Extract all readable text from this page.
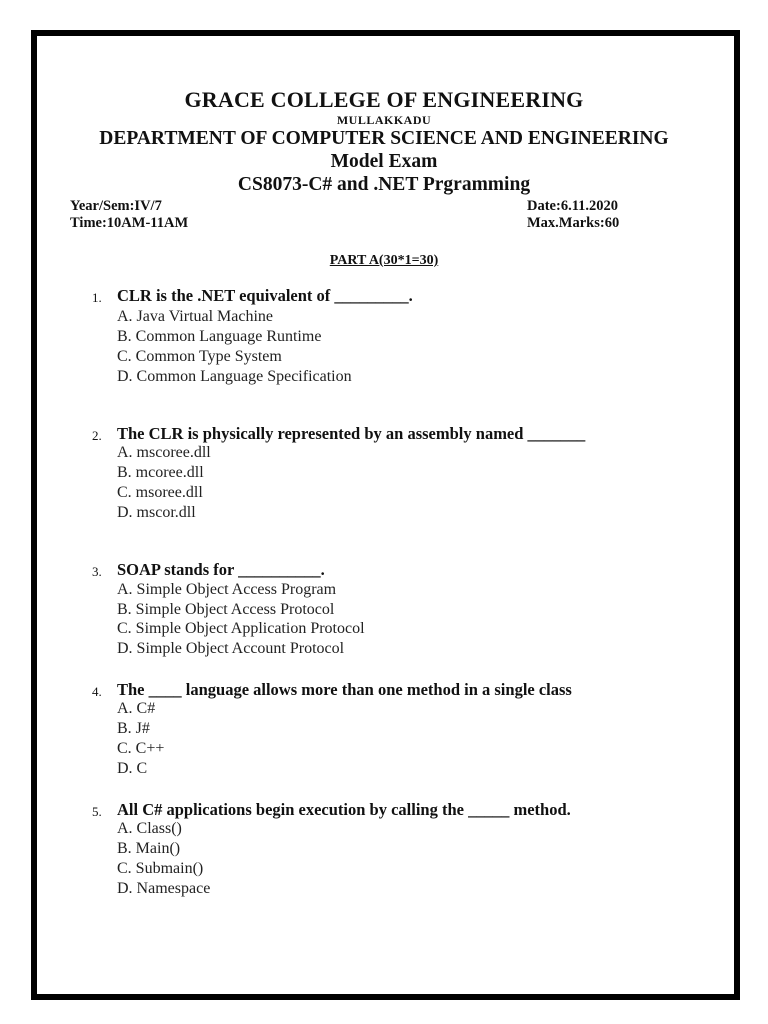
GRACE COLLEGE OF ENGINEERING
MULLAKKADU
DEPARTMENT OF COMPUTER SCIENCE AND ENGINEERING
Model Exam
CS8073-C# and .NET Prgramming
Year/Sem:IV/7	Date:6.11.2020
Time:10AM-11AM	Max.Marks:60
PART A(30*1=30)
1. CLR is the .NET equivalent of _________.
A. Java Virtual Machine
B. Common Language Runtime
C. Common Type System
D. Common Language Specification
2. The CLR is physically represented by an assembly named _______
A. mscoree.dll
B. mcoree.dll
C. msoree.dll
D. mscor.dll
3. SOAP stands for __________.
A. Simple Object Access Program
B. Simple Object Access Protocol
C. Simple Object Application Protocol
D. Simple Object Account Protocol
4. The ____ language allows more than one method in a single class
A. C#
B. J#
C. C++
D. C
5. All C# applications begin execution by calling the _____ method.
A. Class()
B. Main()
C. Submain()
D. Namespace
